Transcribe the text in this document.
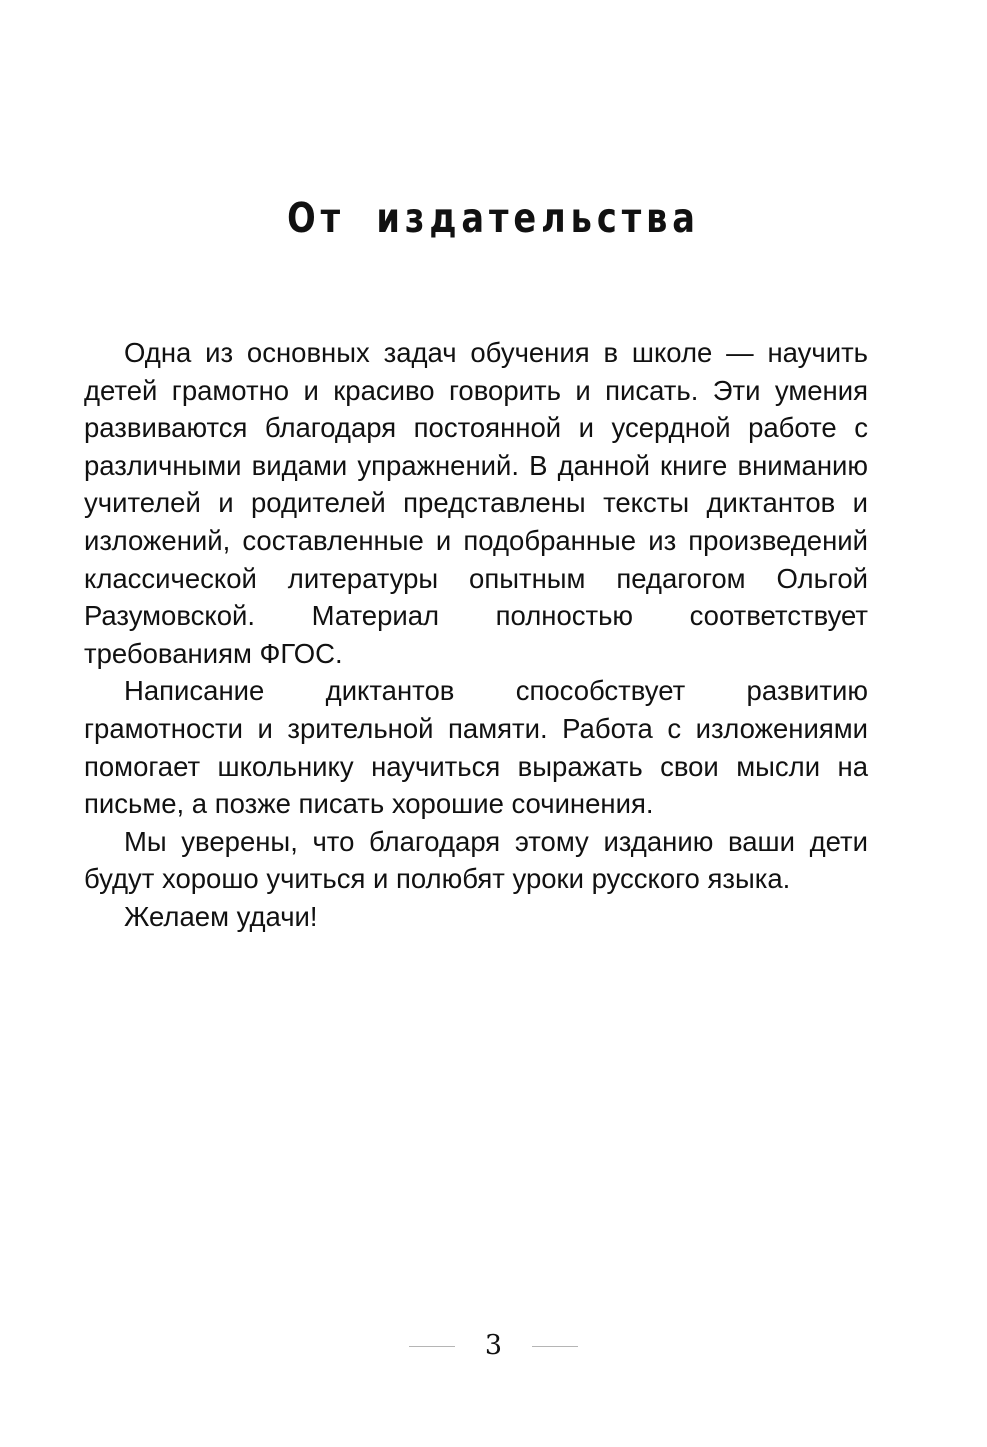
От издательства

Одна из основных задач обучения в школе — научить детей грамотно и красиво говорить и писать. Эти умения развиваются благодаря постоянной и усердной работе с различными видами упражнений. В данной книге вниманию учителей и родителей представлены тексты диктантов и изложений, составленные и подобранные из произведений классической литературы опытным педагогом Ольгой Разумовской. Материал полностью соответствует требованиям ФГОС.

Написание диктантов способствует развитию грамотности и зрительной памяти. Работа с изложениями помогает школьнику научиться выражать свои мысли на письме, а позже писать хорошие сочинения.

Мы уверены, что благодаря этому изданию ваши дети будут хорошо учиться и полюбят уроки русского языка.

Желаем удачи!

3
